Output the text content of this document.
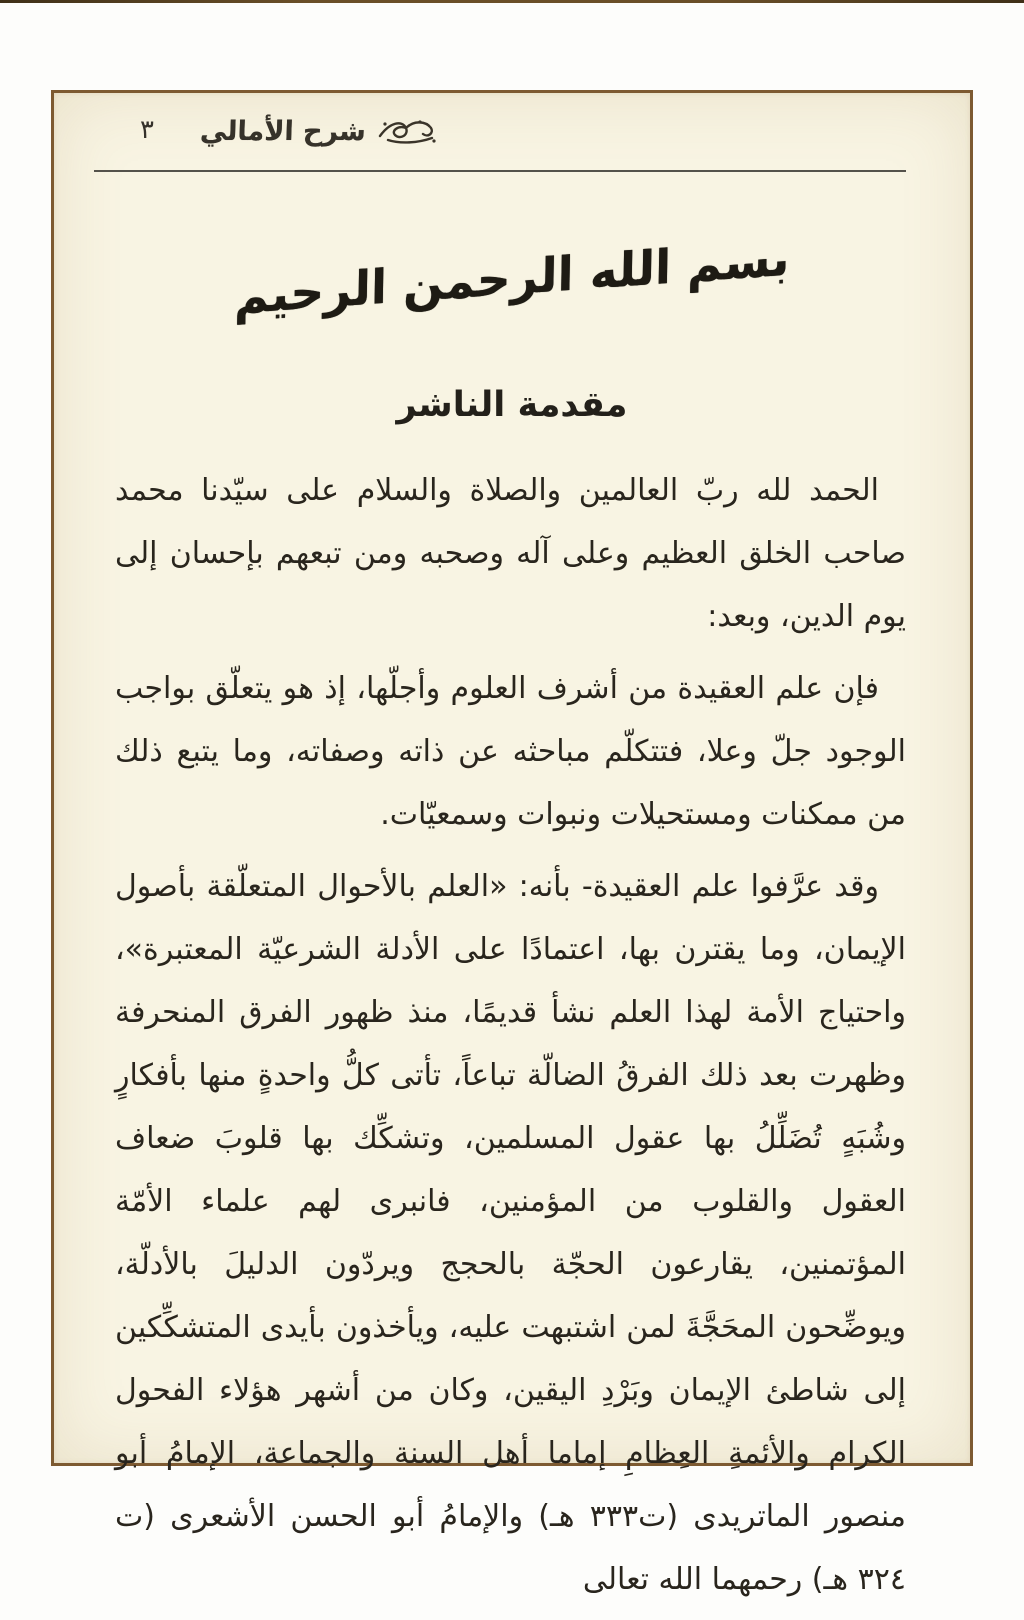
٣ شرح الأمالي
بسم الله الرحمن الرحيم
مقدمة الناشر

الحمد لله ربّ العالمين والصلاة والسلام على سيّدنا محمد صاحب الخلق العظيم وعلى آله وصحبه ومن تبعهم بإحسان إلى يوم الدين، وبعد:

فإن علم العقيدة من أشرف العلوم وأجلّها، إذ هو يتعلّق بواجب الوجود جلّ وعلا، فتتكلّم مباحثه عن ذاته وصفاته، وما يتبع ذلك من ممكنات ومستحيلات ونبوات وسمعيّات.

وقد عرَّفوا علم العقيدة- بأنه: «العلم بالأحوال المتعلّقة بأصول الإيمان، وما يقترن بها، اعتمادًا على الأدلة الشرعيّة المعتبرة»، واحتياج الأمة لهذا العلم نشأ قديمًا، منذ ظهور الفرق المنحرفة وظهرت بعد ذلك الفرقُ الضالّة تباعاً، تأتى كلُّ واحدةٍ منها بأفكارٍ وشُبَهٍ تُضَلِّلُ بها عقول المسلمين، وتشكِّك بها قلوبَ ضعاف العقول والقلوب من المؤمنين، فانبرى لهم علماء الأمّة المؤتمنين، يقارعون الحجّة بالحجج ويردّون الدليلَ بالأدلّة، ويوضِّحون المحَجَّةَ لمن اشتبهت عليه، ويأخذون بأيدى المتشكِّكين إلى شاطئ الإيمان وبَرْدِ اليقين، وكان من أشهر هؤلاء الفحول الكرام والأئمةِ العِظامِ إماما أهل السنة والجماعة، الإمامُ أبو منصور الماتريدى (ت٣٣٣ هـ) والإمامُ أبو الحسن الأشعرى (ت ٣٢٤ هـ) رحمهما الله تعالى
